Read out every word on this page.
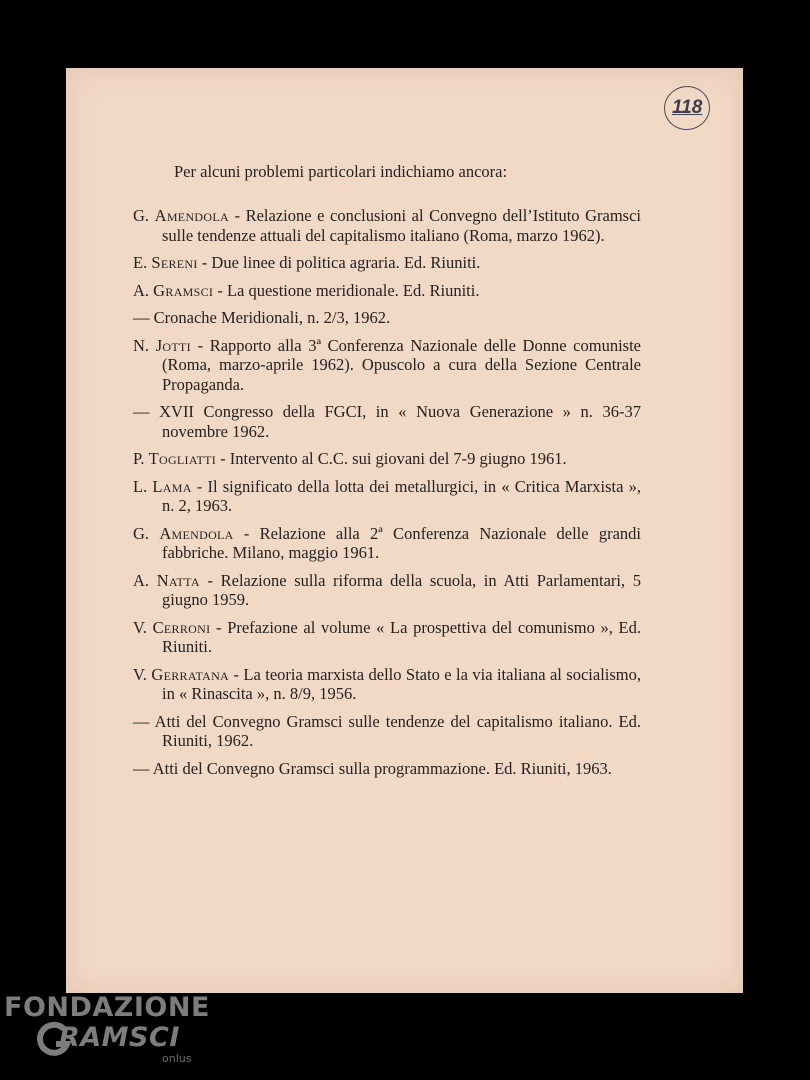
118
Per alcuni problemi particolari indichiamo ancora:
G. Amendola - Relazione e conclusioni al Convegno dell’Istituto Gramsci sulle tendenze attuali del capitalismo italiano (Roma, marzo 1962).
E. Sereni - Due linee di politica agraria. Ed. Riuniti.
A. Gramsci - La questione meridionale. Ed. Riuniti.
— Cronache Meridionali, n. 2/3, 1962.
N. Jotti - Rapporto alla 3ª Conferenza Nazionale delle Donne comuniste (Roma, marzo-aprile 1962). Opuscolo a cura della Sezione Centrale Propaganda.
— XVII Congresso della FGCI, in « Nuova Generazione » n. 36-37 novembre 1962.
P. Togliatti - Intervento al C.C. sui giovani del 7-9 giugno 1961.
L. Lama - Il significato della lotta dei metallurgici, in « Critica Marxista », n. 2, 1963.
G. Amendola - Relazione alla 2ª Conferenza Nazionale delle grandi fabbriche. Milano, maggio 1961.
A. Natta - Relazione sulla riforma della scuola, in Atti Parlamentari, 5 giugno 1959.
V. Cerroni - Prefazione al volume « La prospettiva del comunismo », Ed. Riuniti.
V. Gerratana - La teoria marxista dello Stato e la via italiana al socialismo, in « Rinascita », n. 8/9, 1956.
— Atti del Convegno Gramsci sulle tendenze del capitalismo italiano. Ed. Riuniti, 1962.
— Atti del Convegno Gramsci sulla programmazione. Ed. Riuniti, 1963.
FONDAZIONE
RAMSCI
onlus
